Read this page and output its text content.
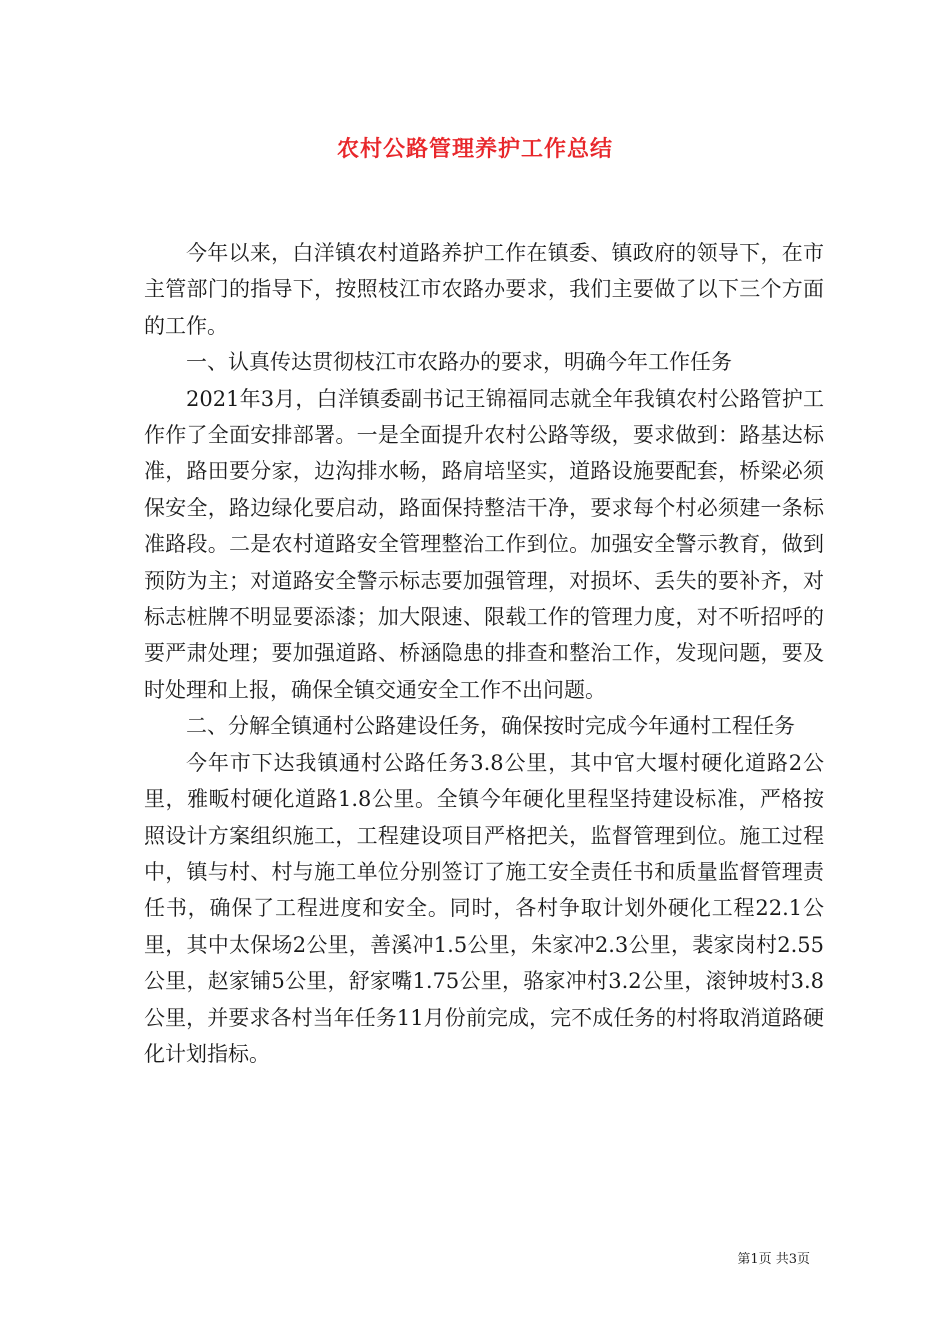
农村公路管理养护工作总结

今年以来，白洋镇农村道路养护工作在镇委、镇政府的领导下，在市主管部门的指导下，按照枝江市农路办要求，我们主要做了以下三个方面的工作。

一、认真传达贯彻枝江市农路办的要求，明确今年工作任务

2021年3月，白洋镇委副书记王锦福同志就全年我镇农村公路管护工作作了全面安排部署。一是全面提升农村公路等级，要求做到：路基达标准，路田要分家，边沟排水畅，路肩培坚实，道路设施要配套，桥梁必须保安全，路边绿化要启动，路面保持整洁干净，要求每个村必须建一条标准路段。二是农村道路安全管理整治工作到位。加强安全警示教育，做到预防为主；对道路安全警示标志要加强管理，对损坏、丢失的要补齐，对标志桩牌不明显要添漆；加大限速、限载工作的管理力度，对不听招呼的要严肃处理；要加强道路、桥涵隐患的排查和整治工作，发现问题，要及时处理和上报，确保全镇交通安全工作不出问题。

二、分解全镇通村公路建设任务，确保按时完成今年通村工程任务

今年市下达我镇通村公路任务3.8公里，其中官大堰村硬化道路2公里，雅畈村硬化道路1.8公里。全镇今年硬化里程坚持建设标准，严格按照设计方案组织施工，工程建设项目严格把关，监督管理到位。施工过程中，镇与村、村与施工单位分别签订了施工安全责任书和质量监督管理责任书，确保了工程进度和安全。同时，各村争取计划外硬化工程22.1公里，其中太保场2公里，善溪冲1.5公里，朱家冲2.3公里，裴家岗村2.55公里，赵家铺5公里，舒家嘴1.75公里，骆家冲村3.2公里，滚钟坡村3.8公里，并要求各村当年任务11月份前完成，完不成任务的村将取消道路硬化计划指标。

第1页 共3页
